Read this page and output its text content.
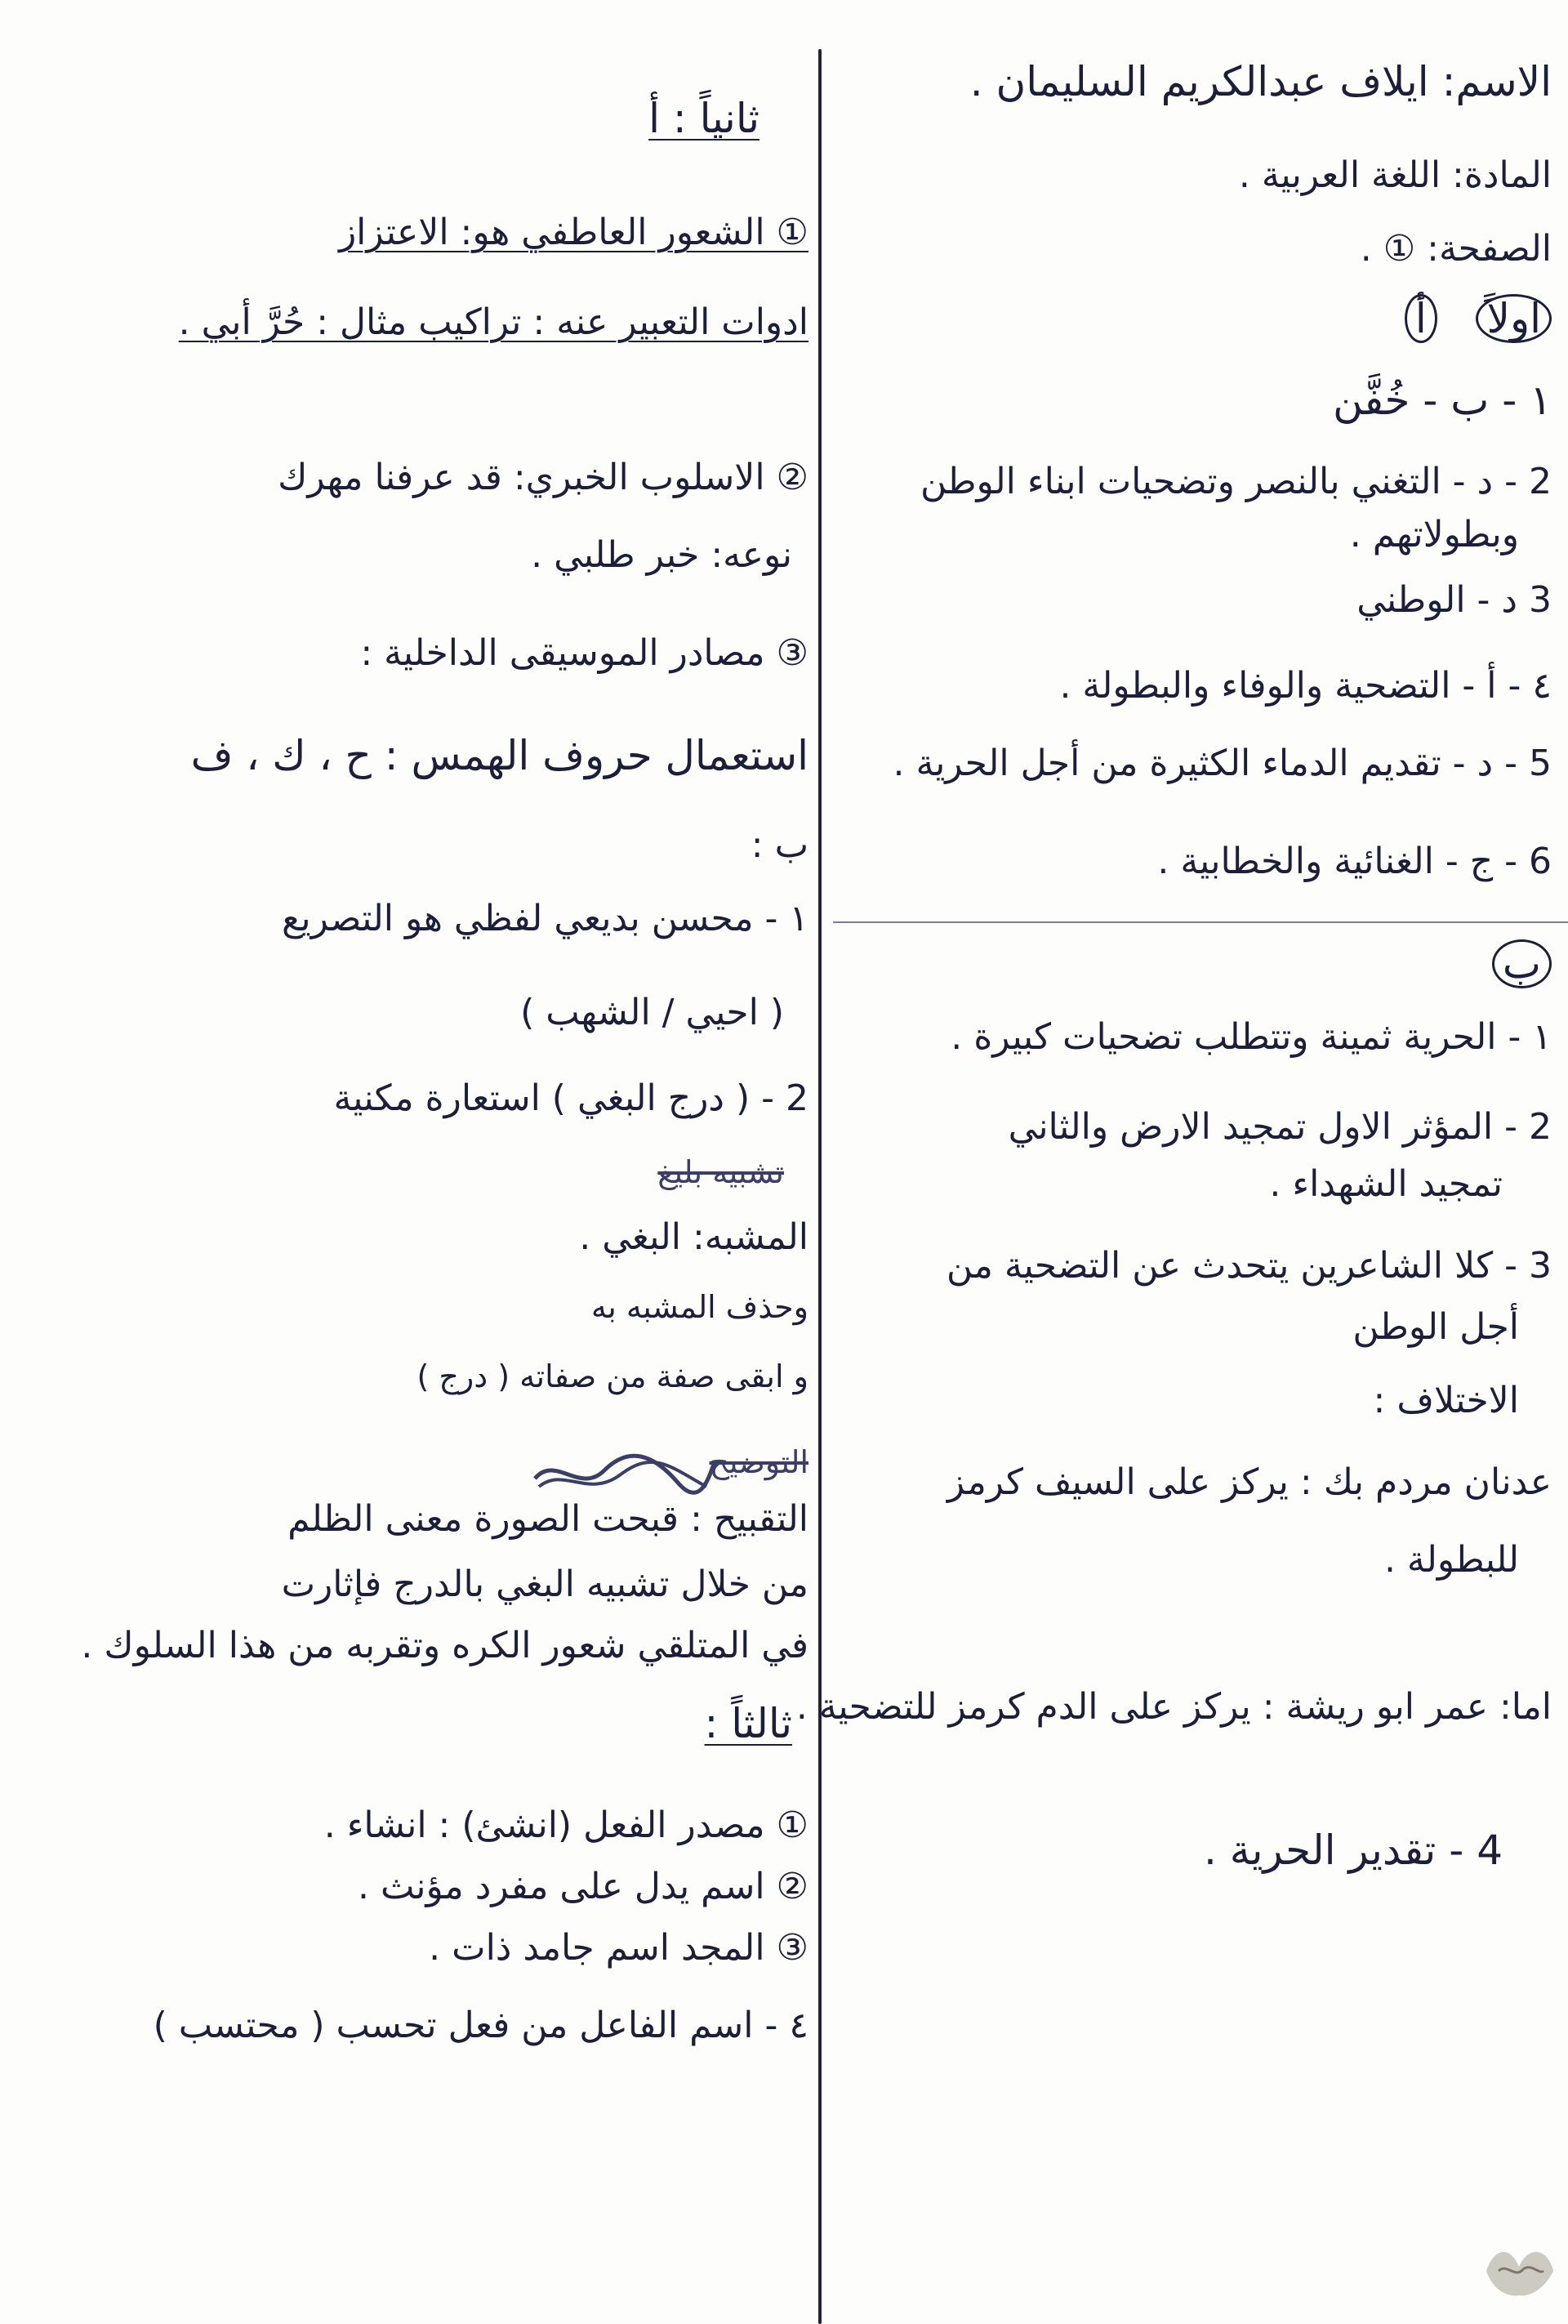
الاسم: ايلاف عبدالكريم السليمان .
المادة: اللغة العربية .
الصفحة: ① .
اولاً   أ
١ - ب - خُفَّن
2 - د - التغني بالنصر وتضحيات ابناء الوطن
وبطولاتهم .
3 د - الوطني
٤ - أ - التضحية والوفاء والبطولة .
5 - د - تقديم الدماء الكثيرة من أجل الحرية .
6 - ج - الغنائية والخطابية .
ب
١ - الحرية ثمينة وتتطلب تضحيات كبيرة .
2 - المؤثر الاول تمجيد الارض والثاني
تمجيد الشهداء .
3 - كلا الشاعرين يتحدث عن التضحية من
أجل الوطن
الاختلاف :
عدنان مردم بك : يركز على السيف كرمز
للبطولة .
اما: عمر ابو ريشة : يركز على الدم كرمز للتضحية .
4 - تقدير الحرية .
ثانياً : أ
① الشعور العاطفي هو: الاعتزاز
ادوات التعبير عنه : تراكيب مثال : حُرَّ أبي .
② الاسلوب الخبري: قد عرفنا مهرك
نوعه: خبر طلبي .
③ مصادر الموسيقى الداخلية :
استعمال حروف الهمس : ح ، ك ، ف
ب :
١ - محسن بديعي لفظي هو التصريع
( احيي / الشهب )
2 - ( درج البغي ) استعارة مكنية
تشبيه بليغ
المشبه: البغي .
وحذف المشبه به
و ابقى صفة من صفاته ( درج )
التوضيح
التقبيح : قبحت الصورة معنى الظلم
من خلال تشبيه البغي بالدرج فإثارت
في المتلقي شعور الكره وتقربه من هذا السلوك .
ثالثاً :
① مصدر الفعل (انشئ) : انشاء .
② اسم يدل على مفرد مؤنث .
③ المجد اسم جامد ذات .
٤ - اسم الفاعل من فعل تحسب ( محتسب )
